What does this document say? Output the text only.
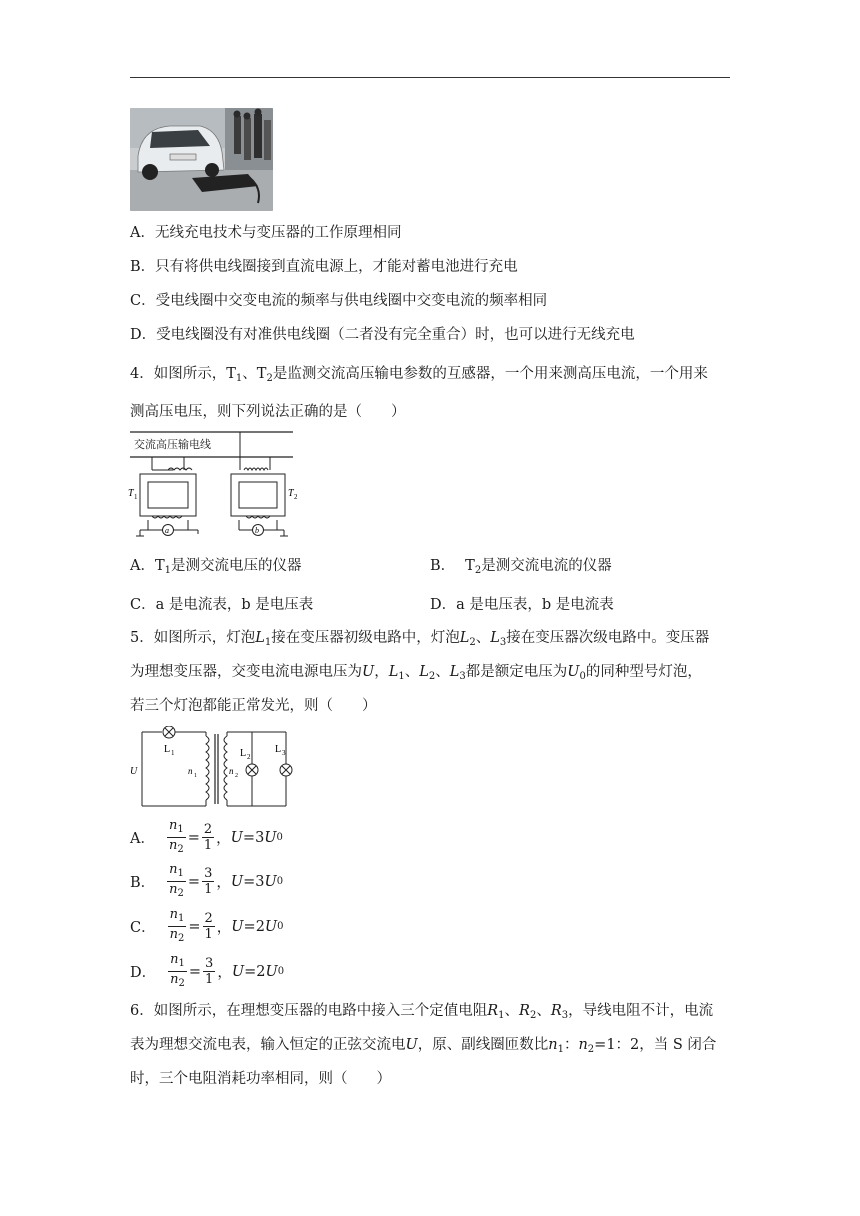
A．无线充电技术与变压器的工作原理相同
B．只有将供电线圈接到直流电源上，才能对蓄电池进行充电
C．受电线圈中交变电流的频率与供电线圈中交变电流的频率相同
D．受电线圈没有对准供电线圈（二者没有完全重合）时，也可以进行无线充电
4．如图所示，$T_1$、$T_2$是监测交流高压输电参数的互感器，一个用来测高压电流，一个用来
测高压电压，则下列说法正确的是（　　）
交流高压输电线
a
T 1
b
T 2
A．$T_1$是测交流电压的仪器	B． $T_2$是测交流电流的仪器
C．a 是电流表，b 是电压表	D．a 是电压表，b 是电流表
5．如图所示，灯泡$L_1$接在变压器初级电路中，灯泡$L_2$、$L_3$接在变压器次级电路中。变压器
为理想变压器，交变电流电源电压为U，$L_1$、$L_2$、$L_3$都是额定电压为$U_0$的同种型号灯泡，
若三个灯泡都能正常发光，则（　　）
U
L 1	L 2
L 3
n 1	n 2
A． $\frac{n_1}{n_2} = \frac{2}{1}$ ， U = 3 U 0
B． $\frac{n_1}{n_2} = \frac{3}{1}$ ， U = 3 U 0
C． $\frac{n_1}{n_2} = \frac{2}{1}$ ， U = 2 U 0
D． $\frac{n_1}{n_2} = \frac{3}{1}$ ， U = 2 U 0
6．如图所示，在理想变压器的电路中接入三个定值电阻$R_1$、$R_2$、$R_3$，导线电阻不计，电流
表为理想交流电表，输入恒定的正弦交流电U，原、副线圈匝数比$n_1$：$n_2=1$：2，当 S 闭合
时，三个电阻消耗功率相同，则（　　）
